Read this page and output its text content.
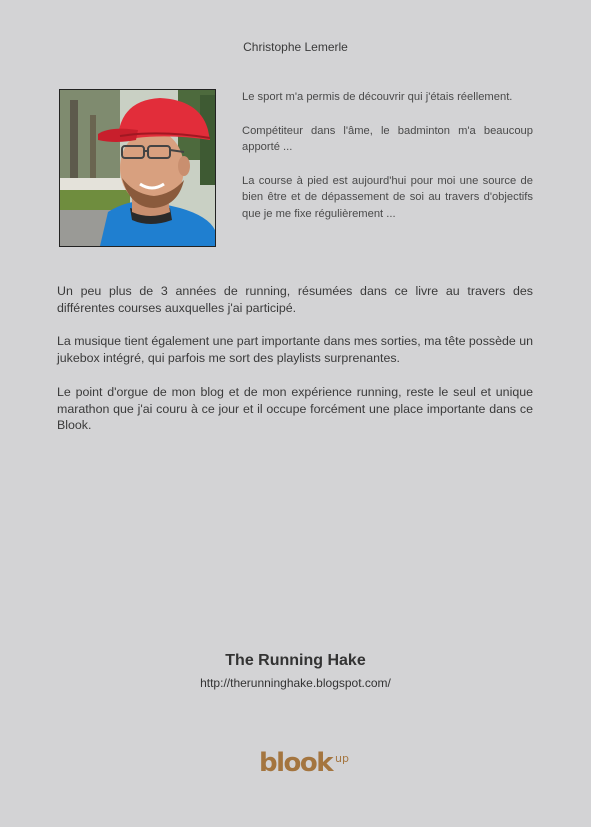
Christophe Lemerle

Le sport m'a permis de découvrir qui j'étais réellement.

Compétiteur dans l'âme, le badminton m'a beaucoup apporté ...

La course à pied est aujourd'hui pour moi une source de bien être et de dépassement de soi au travers d'objectifs que je me fixe régulièrement ...

Un peu plus de 3 années de running, résumées dans ce livre au travers des différentes courses auxquelles j'ai participé.

La musique tient également une part importante dans mes sorties, ma tête possède un jukebox intégré, qui parfois me sort des playlists surprenantes.

Le point d'orgue de mon blog et de mon expérience running, reste le seul et unique marathon que j'ai couru à ce jour et il occupe forcément une place importante dans ce Blook.

The Running Hake
http://therunninghake.blogspot.com/
blook up
